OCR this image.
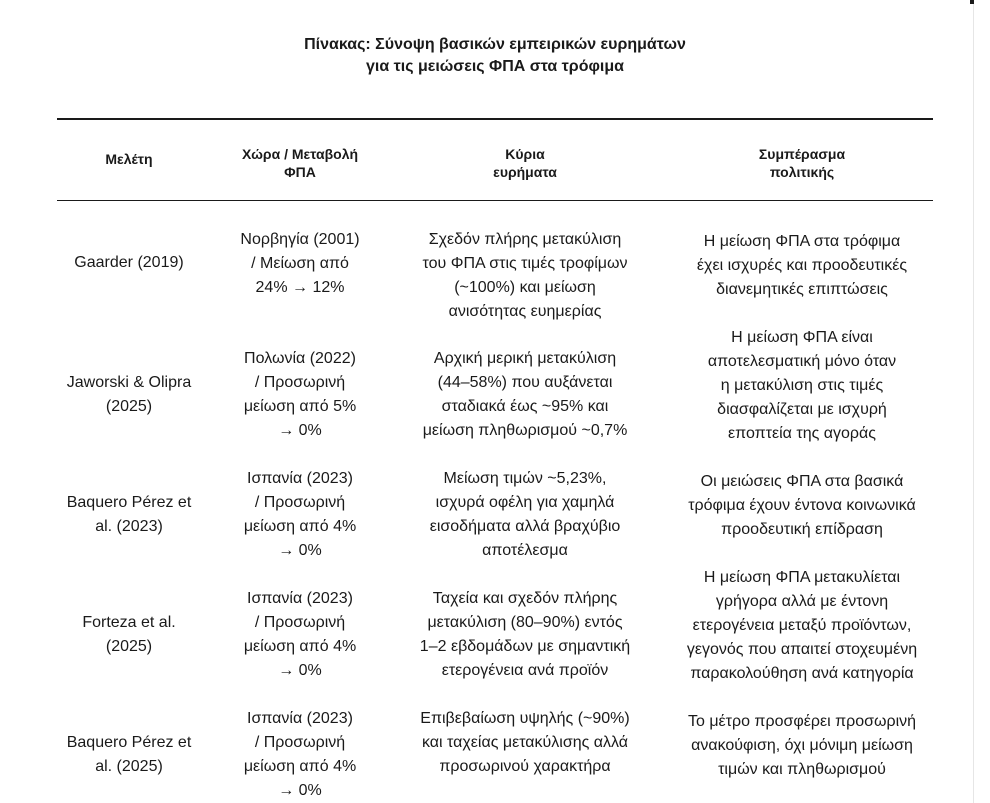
Πίνακας: Σύνοψη βασικών εμπειρικών ευρημάτων
για τις μειώσεις ΦΠΑ στα τρόφιμα
Μελέτη	Χώρα / Μεταβολή
ΦΠΑ
Κύρια
ευρήματα
Συμπέρασμα
πολιτικής
Gaarder (2019)
Νορβηγία (2001)
/ Μείωση από
24% → 12%
Σχεδόν πλήρης μετακύλιση
του ΦΠΑ στις τιμές τροφίμων
(~100%) και μείωση
ανισότητας ευημερίας
Η μείωση ΦΠΑ στα τρόφιμα
έχει ισχυρές και προοδευτικές
διανεμητικές επιπτώσεις
Jaworski & Olipra
(2025)
Πολωνία (2022)
/ Προσωρινή
μείωση από 5%
→ 0%
Αρχική μερική μετακύλιση
(44–58%) που αυξάνεται
σταδιακά έως ~95% και
μείωση πληθωρισμού ~0,7%
Η μείωση ΦΠΑ είναι
αποτελεσματική μόνο όταν
η μετακύλιση στις τιμές
διασφαλίζεται με ισχυρή
εποπτεία της αγοράς
Baquero Pérez et
al. (2023)
Ισπανία (2023)
/ Προσωρινή
μείωση από 4%
→ 0%
Μείωση τιμών ~5,23%,
ισχυρά οφέλη για χαμηλά
εισοδήματα αλλά βραχύβιο
αποτέλεσμα
Οι μειώσεις ΦΠΑ στα βασικά
τρόφιμα έχουν έντονα κοινωνικά
προοδευτική επίδραση
Forteza et al.
(2025)
Ισπανία (2023)
/ Προσωρινή
μείωση από 4%
→ 0%
Ταχεία και σχεδόν πλήρης
μετακύλιση (80–90%) εντός
1–2 εβδομάδων με σημαντική
ετερογένεια ανά προϊόν
Η μείωση ΦΠΑ μετακυλίεται
γρήγορα αλλά με έντονη
ετερογένεια μεταξύ προϊόντων,
γεγονός που απαιτεί στοχευμένη
παρακολούθηση ανά κατηγορία
Baquero Pérez et
al. (2025)
Ισπανία (2023)
/ Προσωρινή
μείωση από 4%
→ 0%
Επιβεβαίωση υψηλής (~90%)
και ταχείας μετακύλισης αλλά
προσωρινού χαρακτήρα
Το μέτρο προσφέρει προσωρινή
ανακούφιση, όχι μόνιμη μείωση
τιμών και πληθωρισμού
